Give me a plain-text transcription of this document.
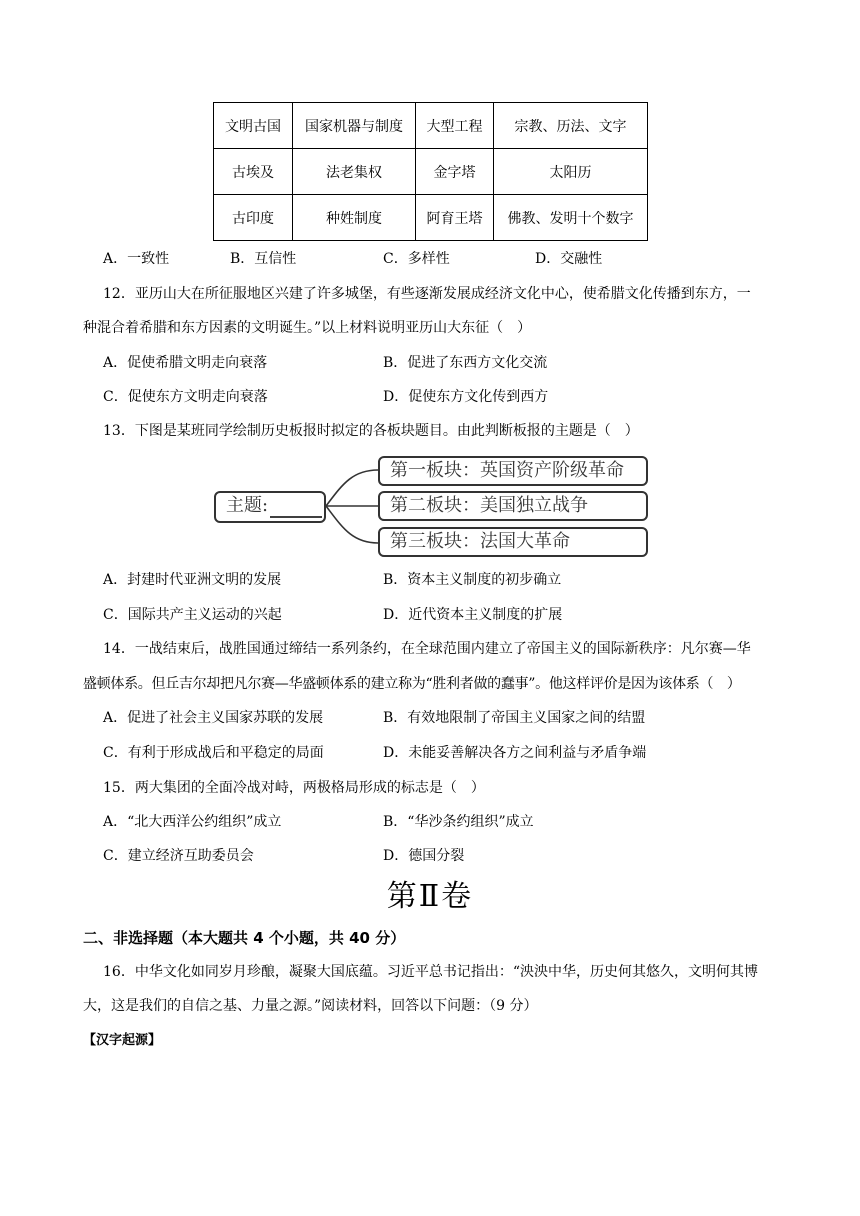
文明古国	国家机器与制度	大型工程	宗教、历法、文字
古埃及	法老集权	金字塔	太阳历
古印度	种姓制度	阿育王塔	佛教、发明十个数字
A．一致性	B．互信性	C．多样性	D．交融性
12．亚历山大在所征服地区兴建了许多城堡，有些逐渐发展成经济文化中心，使希腊文化传播到东方，一
种混合着希腊和东方因素的文明诞生。”以上材料说明亚历山大东征（　）
A．促使希腊文明走向衰落	B．促进了东西方文化交流
C．促使东方文明走向衰落	D．促使东方文化传到西方
13．下图是某班同学绘制历史板报时拟定的各板块题目。由此判断板报的主题是（　）
主题:
第一板块：英国资产阶级革命
第二板块：美国独立战争
第三板块：法国大革命
A．封建时代亚洲文明的发展	B．资本主义制度的初步确立
C．国际共产主义运动的兴起	D．近代资本主义制度的扩展
14．一战结束后，战胜国通过缔结一系列条约，在全球范围内建立了帝国主义的国际新秩序：凡尔赛—华
盛顿体系。但丘吉尔却把凡尔赛—华盛顿体系的建立称为“胜利者做的蠢事”。他这样评价是因为该体系（　）
A．促进了社会主义国家苏联的发展	B．有效地限制了帝国主义国家之间的结盟
C．有利于形成战后和平稳定的局面	D．未能妥善解决各方之间利益与矛盾争端
15．两大集团的全面冷战对峙，两极格局形成的标志是（　）
A．“北大西洋公约组织”成立	B．“华沙条约组织”成立
C．建立经济互助委员会	D．德国分裂
第Ⅱ卷
二、非选择题（本大题共 4 个小题，共 40 分）
16．中华文化如同岁月珍酿，凝聚大国底蕴。习近平总书记指出：“泱泱中华，历史何其悠久，文明何其博
大，这是我们的自信之基、力量之源。”阅读材料，回答以下问题：（9 分）
【汉字起源】
